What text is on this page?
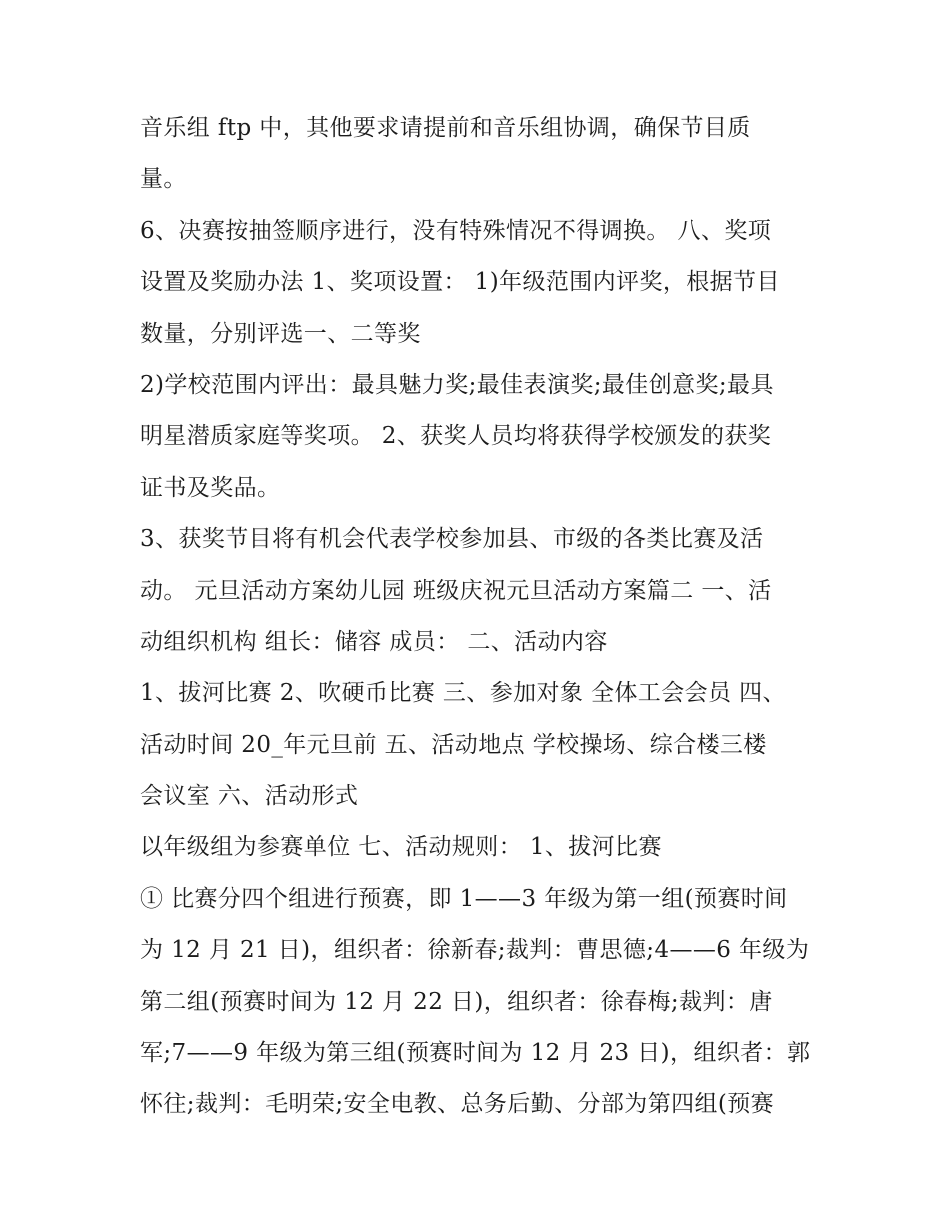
音乐组 ftp 中，其他要求请提前和音乐组协调，确保节目质
量。
6、决赛按抽签顺序进行，没有特殊情况不得调换。 八、奖项
设置及奖励办法 1、奖项设置： 1)年级范围内评奖，根据节目
数量，分别评选一、二等奖
2)学校范围内评出：最具魅力奖;最佳表演奖;最佳创意奖;最具
明星潜质家庭等奖项。 2、获奖人员均将获得学校颁发的获奖
证书及奖品。
3、获奖节目将有机会代表学校参加县、市级的各类比赛及活
动。 元旦活动方案幼儿园 班级庆祝元旦活动方案篇二 一、活
动组织机构 组长：储容 成员： 二、活动内容
1、拔河比赛 2、吹硬币比赛 三、参加对象 全体工会会员 四、
活动时间 20_年元旦前 五、活动地点 学校操场、综合楼三楼
会议室 六、活动形式
以年级组为参赛单位 七、活动规则： 1、拔河比赛
① 比赛分四个组进行预赛，即 1——3 年级为第一组(预赛时间
为 12 月 21 日)，组织者：徐新春;裁判：曹思德;4——6 年级为
第二组(预赛时间为 12 月 22 日)，组织者：徐春梅;裁判：唐
军;7——9 年级为第三组(预赛时间为 12 月 23 日)，组织者：郭
怀往;裁判：毛明荣;安全电教、总务后勤、分部为第四组(预赛
